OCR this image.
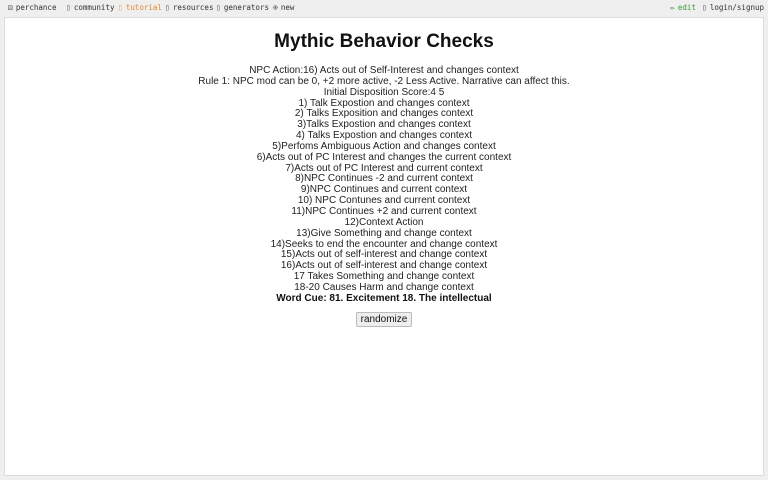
⚄ perchance ▯ community ▯ tutorial ▯ resources ▯ generators ⊕ new	✏ edit ▯ login/signup
Mythic Behavior Checks
NPC Action:16) Acts out of Self-Interest and changes context
Rule 1: NPC mod can be 0, +2 more active, -2 Less Active. Narrative can affect this.
Initial Disposition Score:4 5
1) Talk Expostion and changes context
2) Talks Exposition and changes context
3)Talks Expostion and changes context
4) Talks Expostion and changes context
5)Perfoms Ambiguous Action and changes context
6)Acts out of PC Interest and changes the current context
7)Acts out of PC Interest and current context
8)NPC Continues -2 and current context
9)NPC Continues and current context
10) NPC Contunes and current context
11)NPC Continues +2 and current context
12)Context Action
13)Give Something and change context
14)Seeks to end the encounter and change context
15)Acts out of self-interest and change context
16)Acts out of self-interest and change context
17 Takes Something and change context
18-20 Causes Harm and change context
Word Cue: 81. Excitement 18. The intellectual
randomize
